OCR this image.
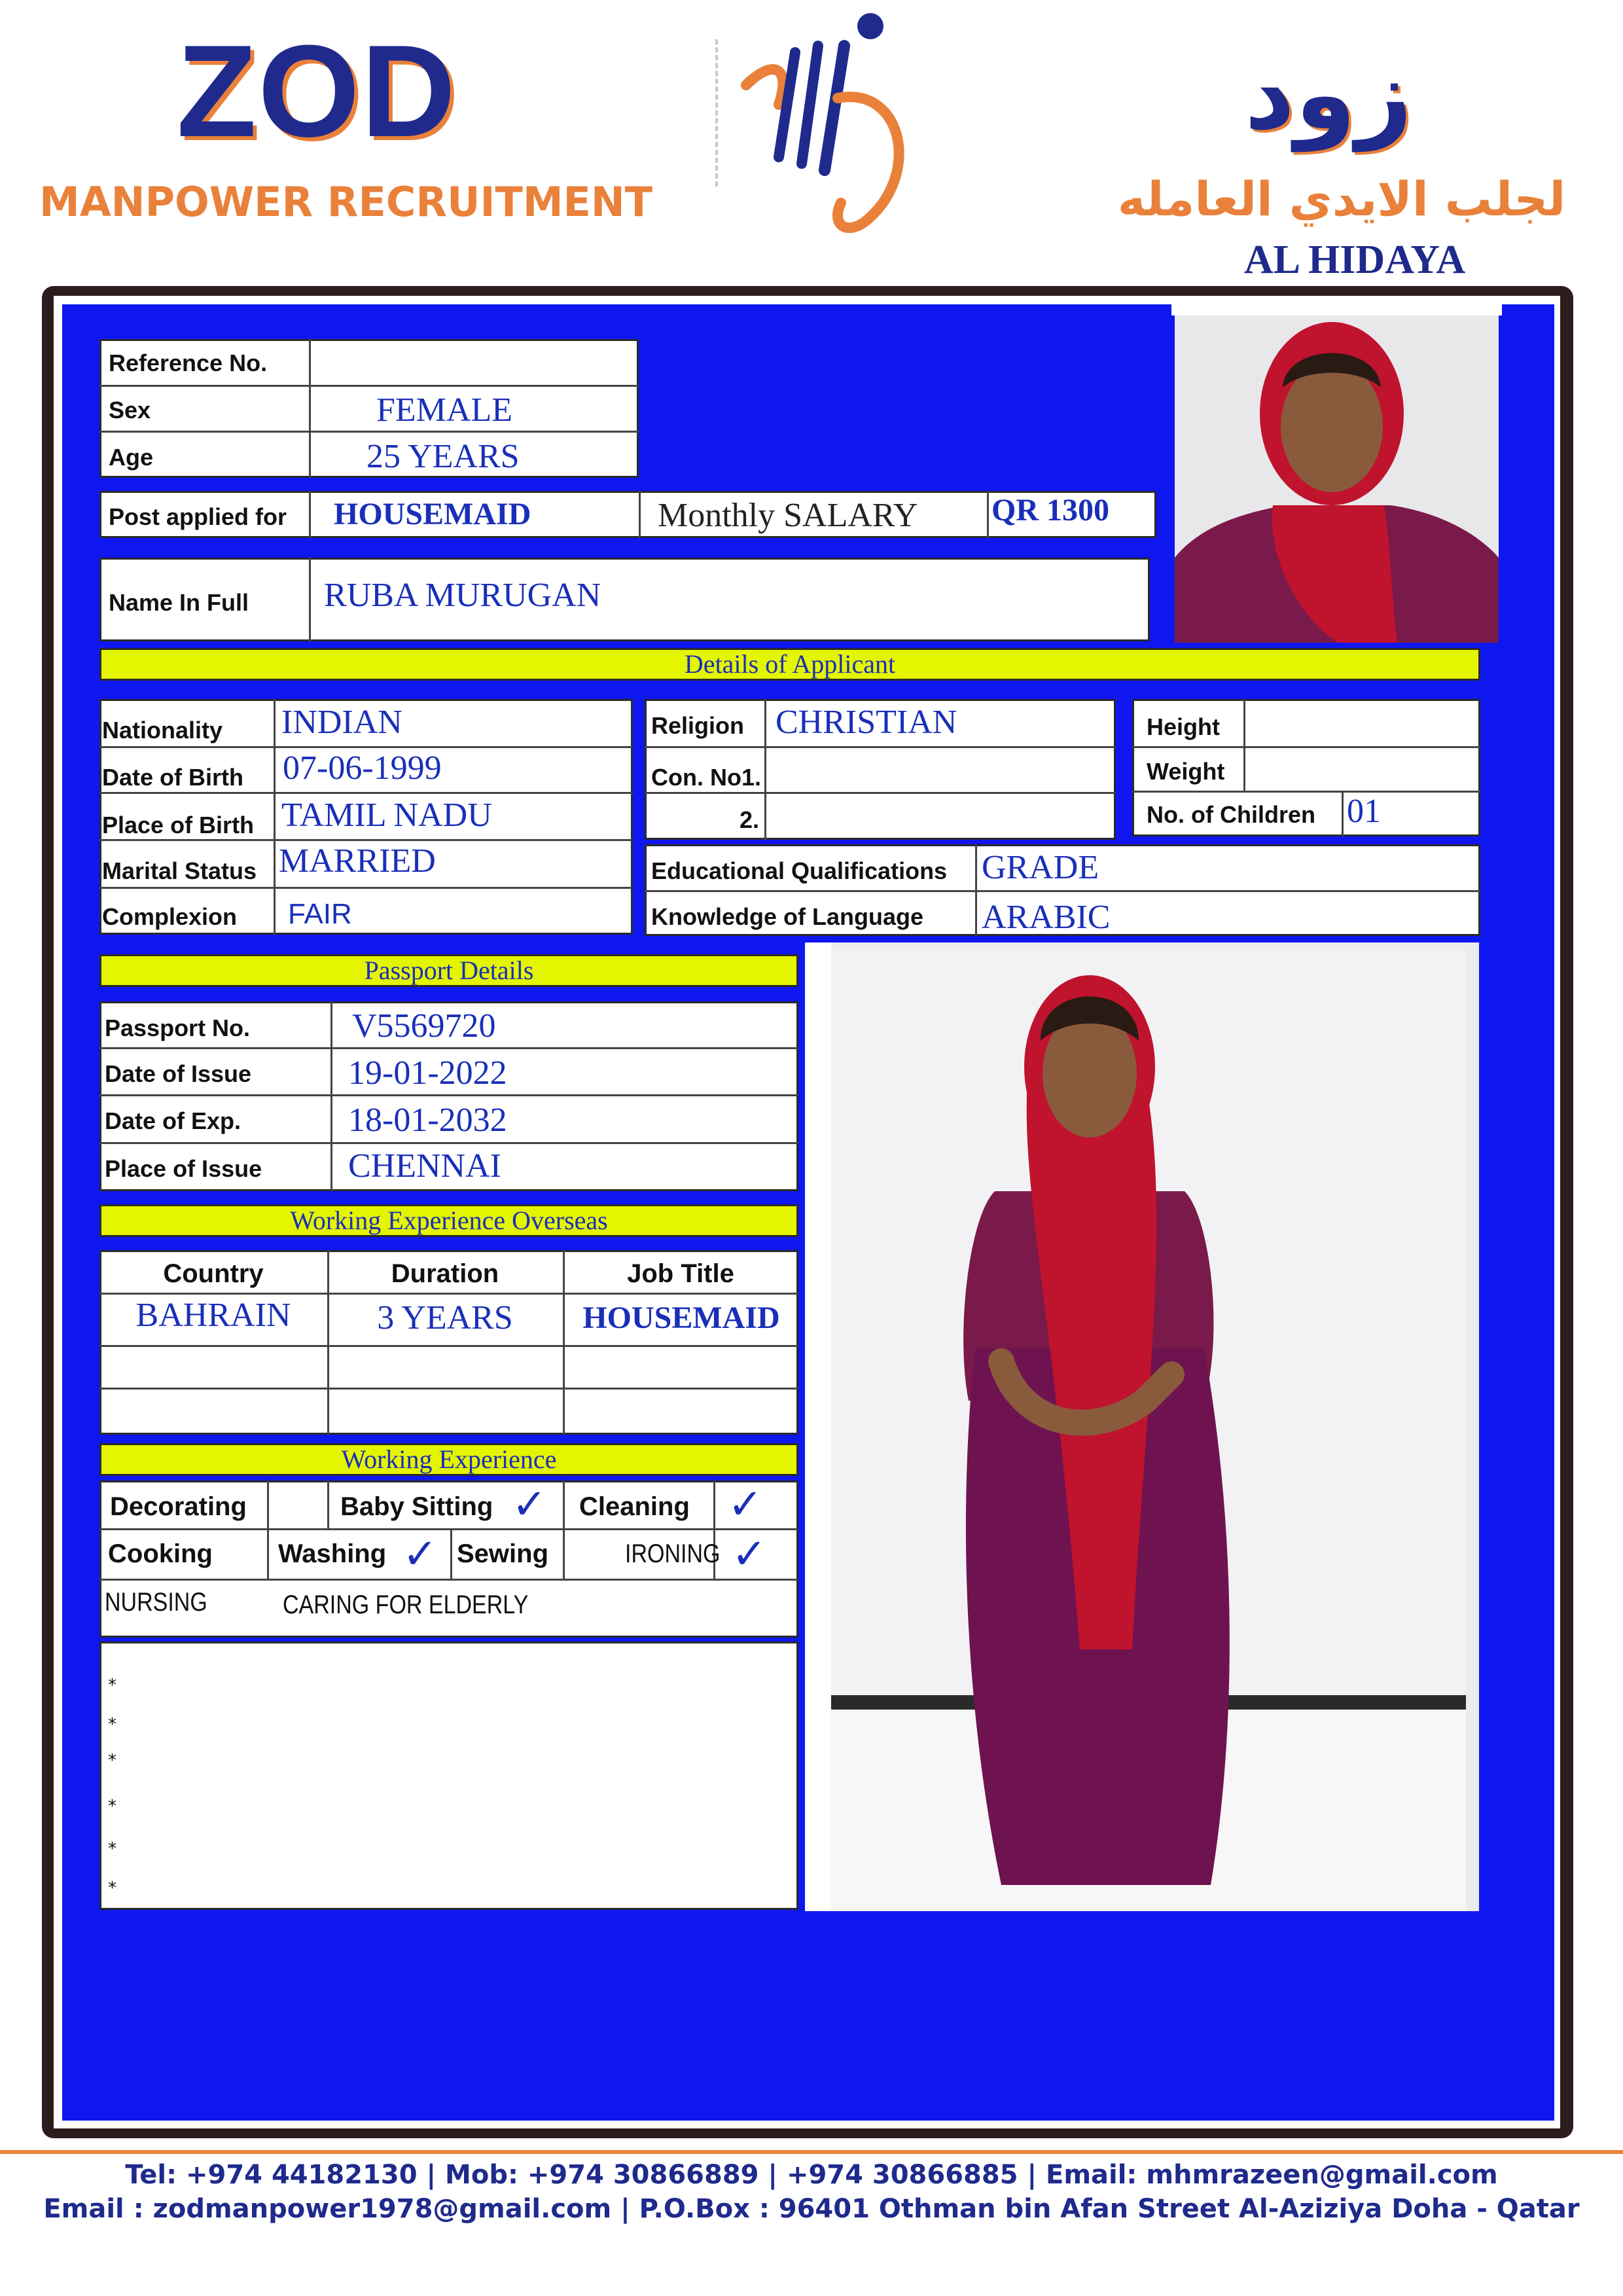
ZOD
MANPOWER RECRUITMENT
زود
لجلب الايدي العامله
AL HIDAYA
Reference No.
Sex	FEMALE
Age	25 YEARS
Post applied for HOUSEMAID	Monthly SALARY QR 1300
Name In Full RUBA MURUGAN
Details of Applicant
Nationality INDIAN
Date of Birth 07-06-1999
Place of Birth TAMIL NADU
Marital Status MARRIED
Complexion FAIR
Religion CHRISTIAN
Con. No1.
2.
Height
Weight
No. of Children 01
Educational Qualifications GRADE
Knowledge of Language ARABIC
Passport Details
Passport No.	V5569720
Date of Issue	19-01-2022
Date of Exp.	18-01-2032
Place of Issue	CHENNAI
Working Experience Overseas
Country	Duration	Job Title
BAHRAIN	3 YEARS	HOUSEMAID
Working Experience
Decorating	Baby Sitting ✓ Cleaning ✓
Cooking	Washing ✓ Sewing	IRONING ✓
NURSING	CARING FOR ELDERLY
*
*
*
*
*
*
Tel: +974 44182130 | Mob: +974 30866889 | +974 30866885 | Email: mhmrazeen@gmail.com
Email : zodmanpower1978@gmail.com | P.O.Box : 96401 Othman bin Afan Street Al-Aziziya Doha - Qatar
